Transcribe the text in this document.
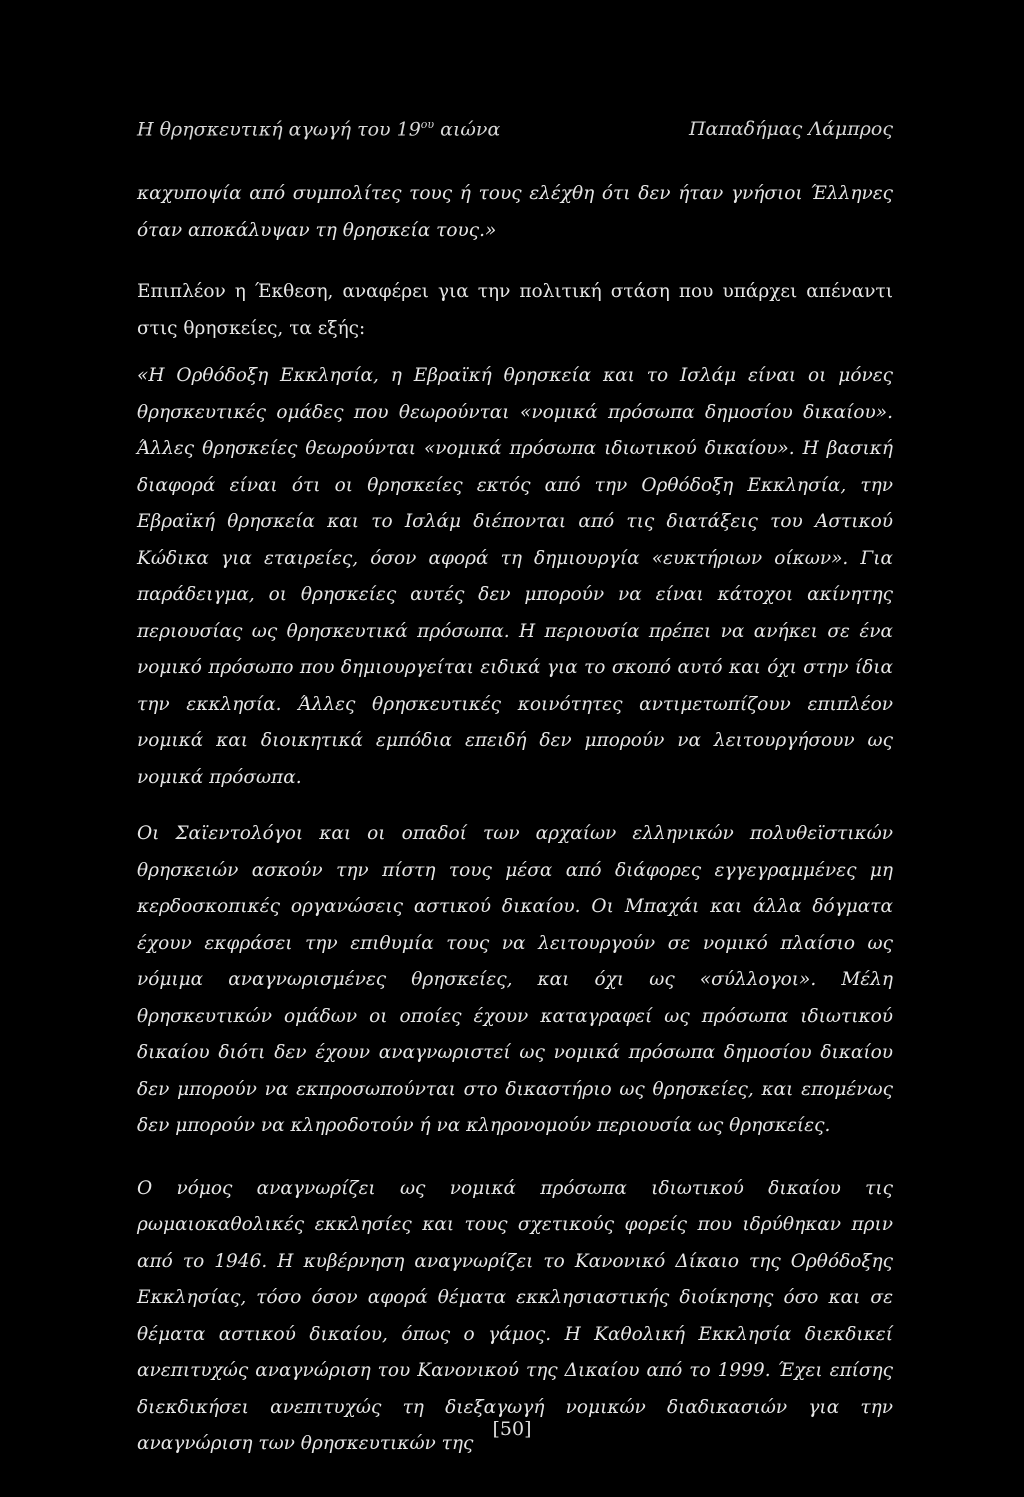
Η θρησκευτική αγωγή του $19^{o\upsilon}$ αιώνα	Παπαδήμας Λάμπρος

καχυποψία από συμπολίτες τους ή τους ελέχθη ότι δεν ήταν γνήσιοι Έλληνες όταν αποκάλυψαν τη θρησκεία τους.»

Επιπλέον η Έκθεση, αναφέρει για την πολιτική στάση που υπάρχει απέναντι στις θρησκείες, τα εξής:

«Η Ορθόδοξη Εκκλησία, η Εβραϊκή θρησκεία και το Ισλάμ είναι οι μόνες θρησκευτικές ομάδες που θεωρούνται «νομικά πρόσωπα δημοσίου δικαίου». Άλλες θρησκείες θεωρούνται «νομικά πρόσωπα ιδιωτικού δικαίου». Η βασική διαφορά είναι ότι οι θρησκείες εκτός από την Ορθόδοξη Εκκλησία, την Εβραϊκή θρησκεία και το Ισλάμ διέπονται από τις διατάξεις του Αστικού Κώδικα για εταιρείες, όσον αφορά τη δημιουργία «ευκτήριων οίκων». Για παράδειγμα, οι θρησκείες αυτές δεν μπορούν να είναι κάτοχοι ακίνητης περιουσίας ως θρησκευτικά πρόσωπα. Η περιουσία πρέπει να ανήκει σε ένα νομικό πρόσωπο που δημιουργείται ειδικά για το σκοπό αυτό και όχι στην ίδια την εκκλησία. Άλλες θρησκευτικές κοινότητες αντιμετωπίζουν επιπλέον νομικά και διοικητικά εμπόδια επειδή δεν μπορούν να λειτουργήσουν ως νομικά πρόσωπα.

Οι Σαϊεντολόγοι και οι οπαδοί των αρχαίων ελληνικών πολυθεϊστικών θρησκειών ασκούν την πίστη τους μέσα από διάφορες εγγεγραμμένες μη κερδοσκοπικές οργανώσεις αστικού δικαίου. Οι Μπαχάι και άλλα δόγματα έχουν εκφράσει την επιθυμία τους να λειτουργούν σε νομικό πλαίσιο ως νόμιμα αναγνωρισμένες θρησκείες, και όχι ως «σύλλογοι». Μέλη θρησκευτικών ομάδων οι οποίες έχουν καταγραφεί ως πρόσωπα ιδιωτικού δικαίου διότι δεν έχουν αναγνωριστεί ως νομικά πρόσωπα δημοσίου δικαίου δεν μπορούν να εκπροσωπούνται στο δικαστήριο ως θρησκείες, και επομένως δεν μπορούν να κληροδοτούν ή να κληρονομούν περιουσία ως θρησκείες.

Ο νόμος αναγνωρίζει ως νομικά πρόσωπα ιδιωτικού δικαίου τις ρωμαιοκαθολικές εκκλησίες και τους σχετικούς φορείς που ιδρύθηκαν πριν από το 1946. Η κυβέρνηση αναγνωρίζει το Κανονικό Δίκαιο της Ορθόδοξης Εκκλησίας, τόσο όσον αφορά θέματα εκκλησιαστικής διοίκησης όσο και σε θέματα αστικού δικαίου, όπως ο γάμος. Η Καθολική Εκκλησία διεκδικεί ανεπιτυχώς αναγνώριση του Κανονικού της Δικαίου από το 1999. Έχει επίσης διεκδικήσει ανεπιτυχώς τη διεξαγωγή νομικών διαδικασιών για την αναγνώριση των θρησκευτικών της

[50]
